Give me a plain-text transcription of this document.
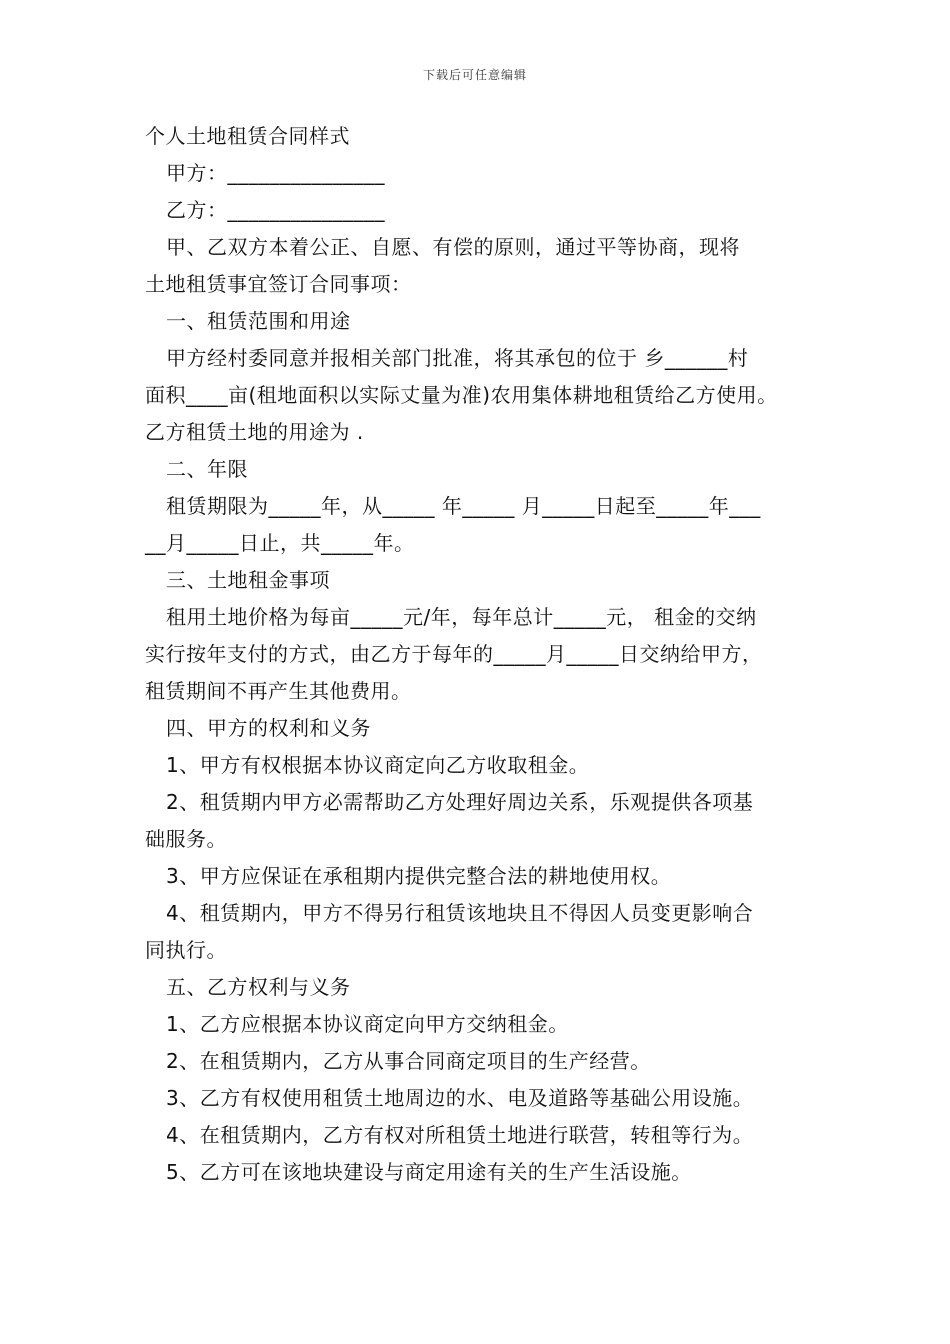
下载后可任意编辑
个人土地租赁合同样式
甲方：_______________
乙方：_______________
甲、乙双方本着公正、自愿、有偿的原则，通过平等协商，现将
土地租赁事宜签订合同事项：
一、租赁范围和用途
甲方经村委同意并报相关部门批准，将其承包的位于 乡______村
面积____亩(租地面积以实际丈量为准)农用集体耕地租赁给乙方使用。
乙方租赁土地的用途为 .
二、年限
租赁期限为_____年，从_____ 年_____ 月_____日起至_____年___
__月_____日止，共_____年。
三、土地租金事项
租用土地价格为每亩_____元/年，每年总计_____元， 租金的交纳
实行按年支付的方式，由乙方于每年的_____月_____日交纳给甲方，
租赁期间不再产生其他费用。
四、甲方的权利和义务
1、甲方有权根据本协议商定向乙方收取租金。
2、租赁期内甲方必需帮助乙方处理好周边关系，乐观提供各项基
础服务。
3、甲方应保证在承租期内提供完整合法的耕地使用权。
4、租赁期内，甲方不得另行租赁该地块且不得因人员变更影响合
同执行。
五、乙方权利与义务
1、乙方应根据本协议商定向甲方交纳租金。
2、在租赁期内，乙方从事合同商定项目的生产经营。
3、乙方有权使用租赁土地周边的水、电及道路等基础公用设施。
4、在租赁期内，乙方有权对所租赁土地进行联营，转租等行为。
5、乙方可在该地块建设与商定用途有关的生产生活设施。
